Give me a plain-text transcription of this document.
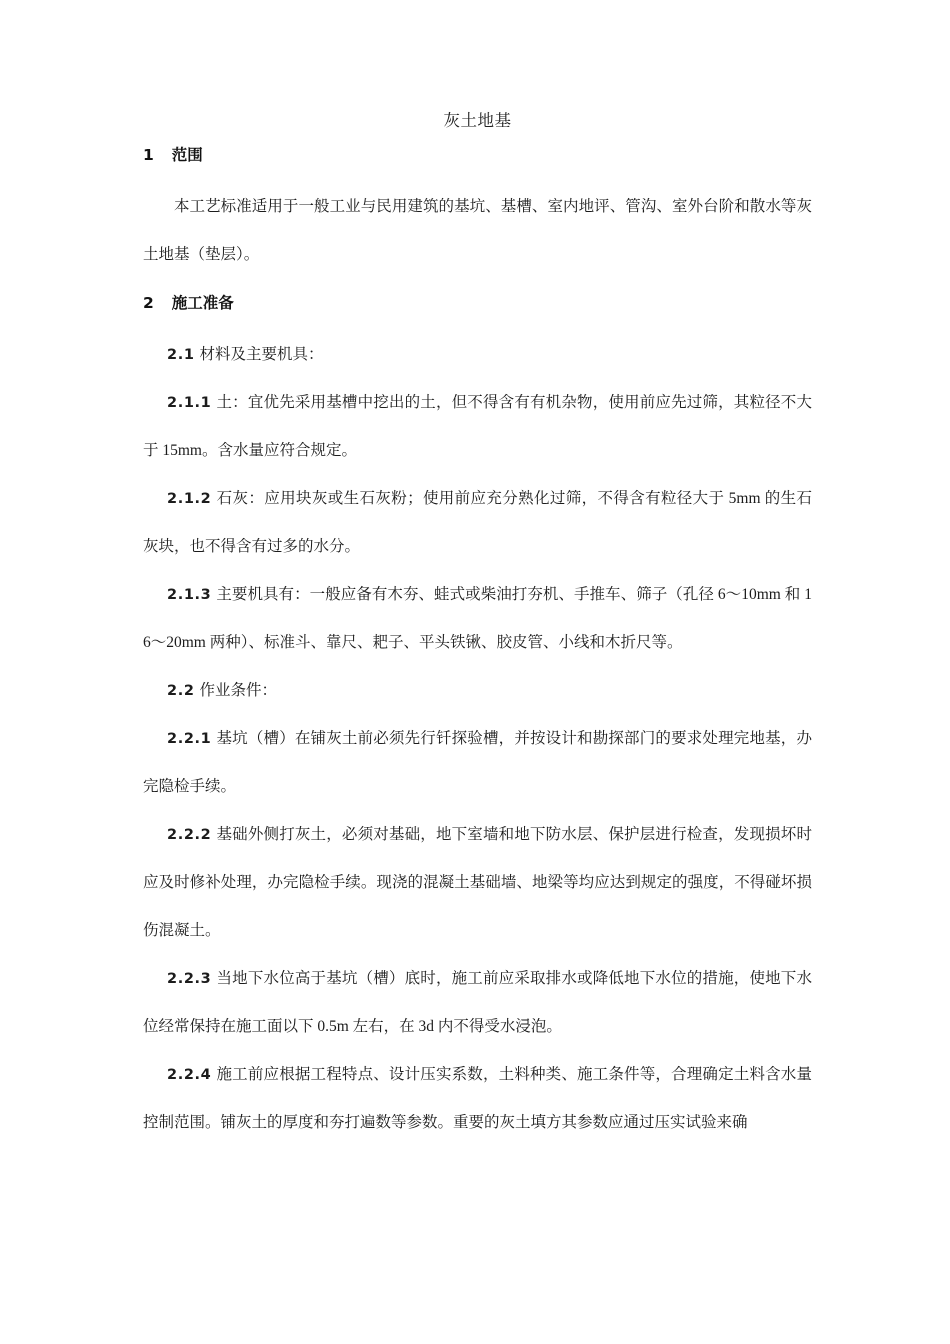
灰土地基

1 范围

本工艺标准适用于一般工业与民用建筑的基坑、基槽、室内地评、管沟、室外台阶和散水等灰土地基（垫层）。

2 施工准备

2.1 材料及主要机具：

2.1.1 土：宜优先采用基槽中挖出的土，但不得含有有机杂物，使用前应先过筛，其粒径不大于 15mm。含水量应符合规定。

2.1.2 石灰：应用块灰或生石灰粉；使用前应充分熟化过筛，不得含有粒径大于 5mm 的生石灰块，也不得含有过多的水分。

2.1.3 主要机具有：一般应备有木夯、蛙式或柴油打夯机、手推车、筛子（孔径 6〜10mm 和 16〜20mm 两种）、标准斗、靠尺、耙子、平头铁锹、胶皮管、小线和木折尺等。

2.2 作业条件：

2.2.1 基坑（槽）在铺灰土前必须先行钎探验槽，并按设计和勘探部门的要求处理完地基，办完隐检手续。

2.2.2 基础外侧打灰土，必须对基础，地下室墙和地下防水层、保护层进行检查，发现损坏时应及时修补处理，办完隐检手续。现浇的混凝土基础墙、地梁等均应达到规定的强度，不得碰坏损伤混凝土。

2.2.3 当地下水位高于基坑（槽）底时，施工前应采取排水或降低地下水位的措施，使地下水位经常保持在施工面以下 0.5m 左右，在 3d 内不得受水浸泡。

2.2.4 施工前应根据工程特点、设计压实系数，土料种类、施工条件等，合理确定土料含水量控制范围。铺灰土的厚度和夯打遍数等参数。重要的灰土填方其参数应通过压实试验来确
